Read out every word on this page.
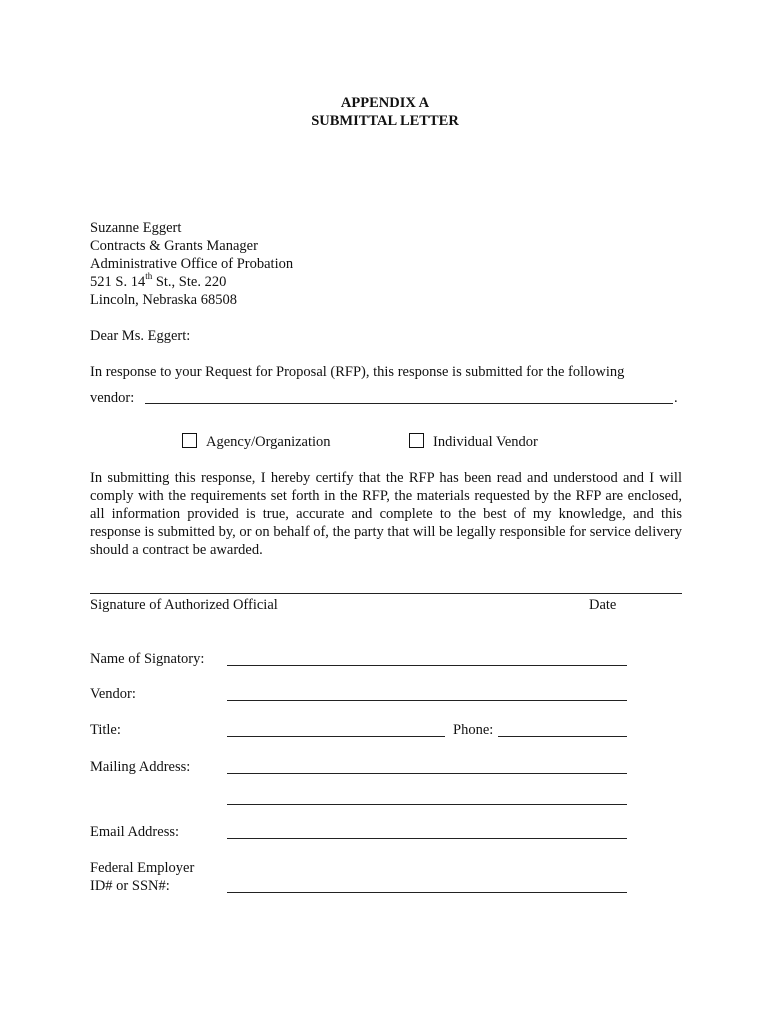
APPENDIX A
SUBMITTAL LETTER
Suzanne Eggert
Contracts & Grants Manager
Administrative Office of Probation
521 S. 14th St., Ste. 220
Lincoln, Nebraska 68508
Dear Ms. Eggert:
In response to your Request for Proposal (RFP), this response is submitted for the following
vendor:	.
Agency/Organization	Individual Vendor
In submitting this response, I hereby certify that the RFP has been read and understood and I will comply with the requirements set forth in the RFP, the materials requested by the RFP are enclosed, all information provided is true, accurate and complete to the best of my knowledge, and this response is submitted by, or on behalf of, the party that will be legally responsible for service delivery should a contract be awarded.
Signature of Authorized Official	Date
Name of Signatory:
Vendor:
Title:	Phone:
Mailing Address:
Email Address:
Federal Employer
ID# or SSN#:
